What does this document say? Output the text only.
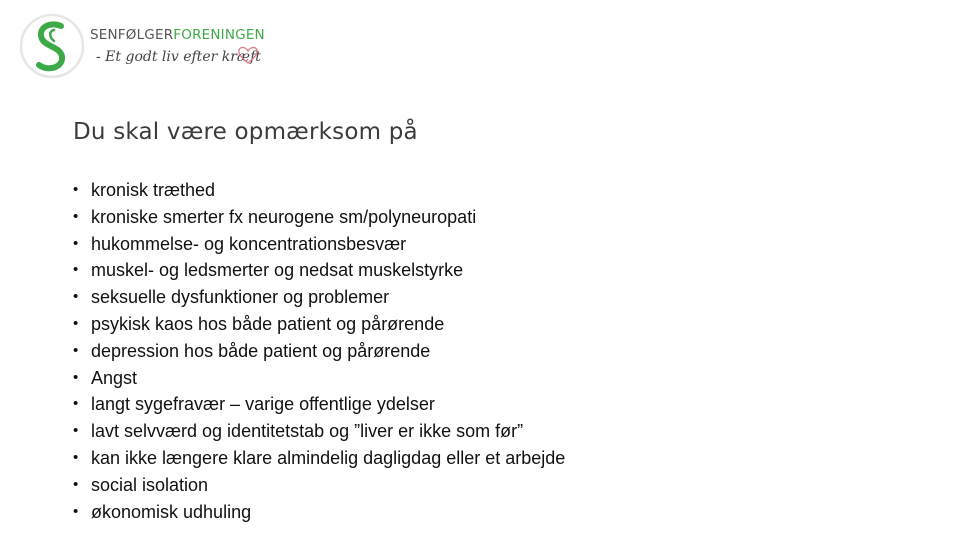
SENFØLGERFORENINGEN
- Et godt liv efter kræft
Du skal være opmærksom på
• kronisk træthed
• kroniske smerter fx neurogene sm/polyneuropati
• hukommelse- og koncentrationsbesvær
• muskel- og ledsmerter og nedsat muskelstyrke
• seksuelle dysfunktioner og problemer
• psykisk kaos hos både patient og pårørende
• depression hos både patient og pårørende
• Angst
• langt sygefravær – varige offentlige ydelser
• lavt selvværd og identitetstab og ”liver er ikke som før”
• kan ikke længere klare almindelig dagligdag eller et arbejde
• social isolation
• økonomisk udhuling
